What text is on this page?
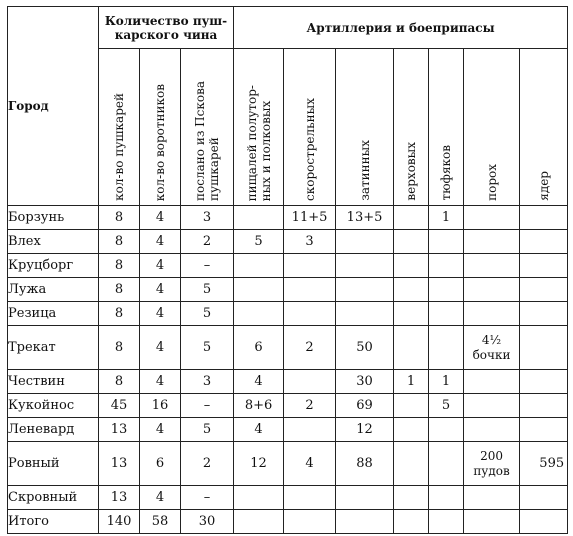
Город	Количество пуш-
карского чина			Артиллерия и боеприпасы						

	кол-во пушкарей	кол-во воротников	послано из Пскова
пушкарей	пищалей полутор-
ных и полковых	скорострельных	затинных	верховых	тюфяков	порох	ядер

Борзунь	8	4	3		11+5	13+5		1		
Влех	8	4	2	5	3					
Круцборг	8	4	–							
Лужа	8	4	5							
Резица	8	4	5							
Трекат	8	4	5	6	2	50			4½
бочки	
Чествин	8	4	3	4		30	1	1		
Кукойнос	45	16	–	8+6	2	69		5		
Леневард	13	4	5	4		12				
Ровный	13	6	2	12	4	88			200
пудов	595
Скровный	13	4	–							
Итого	140	58	30							
